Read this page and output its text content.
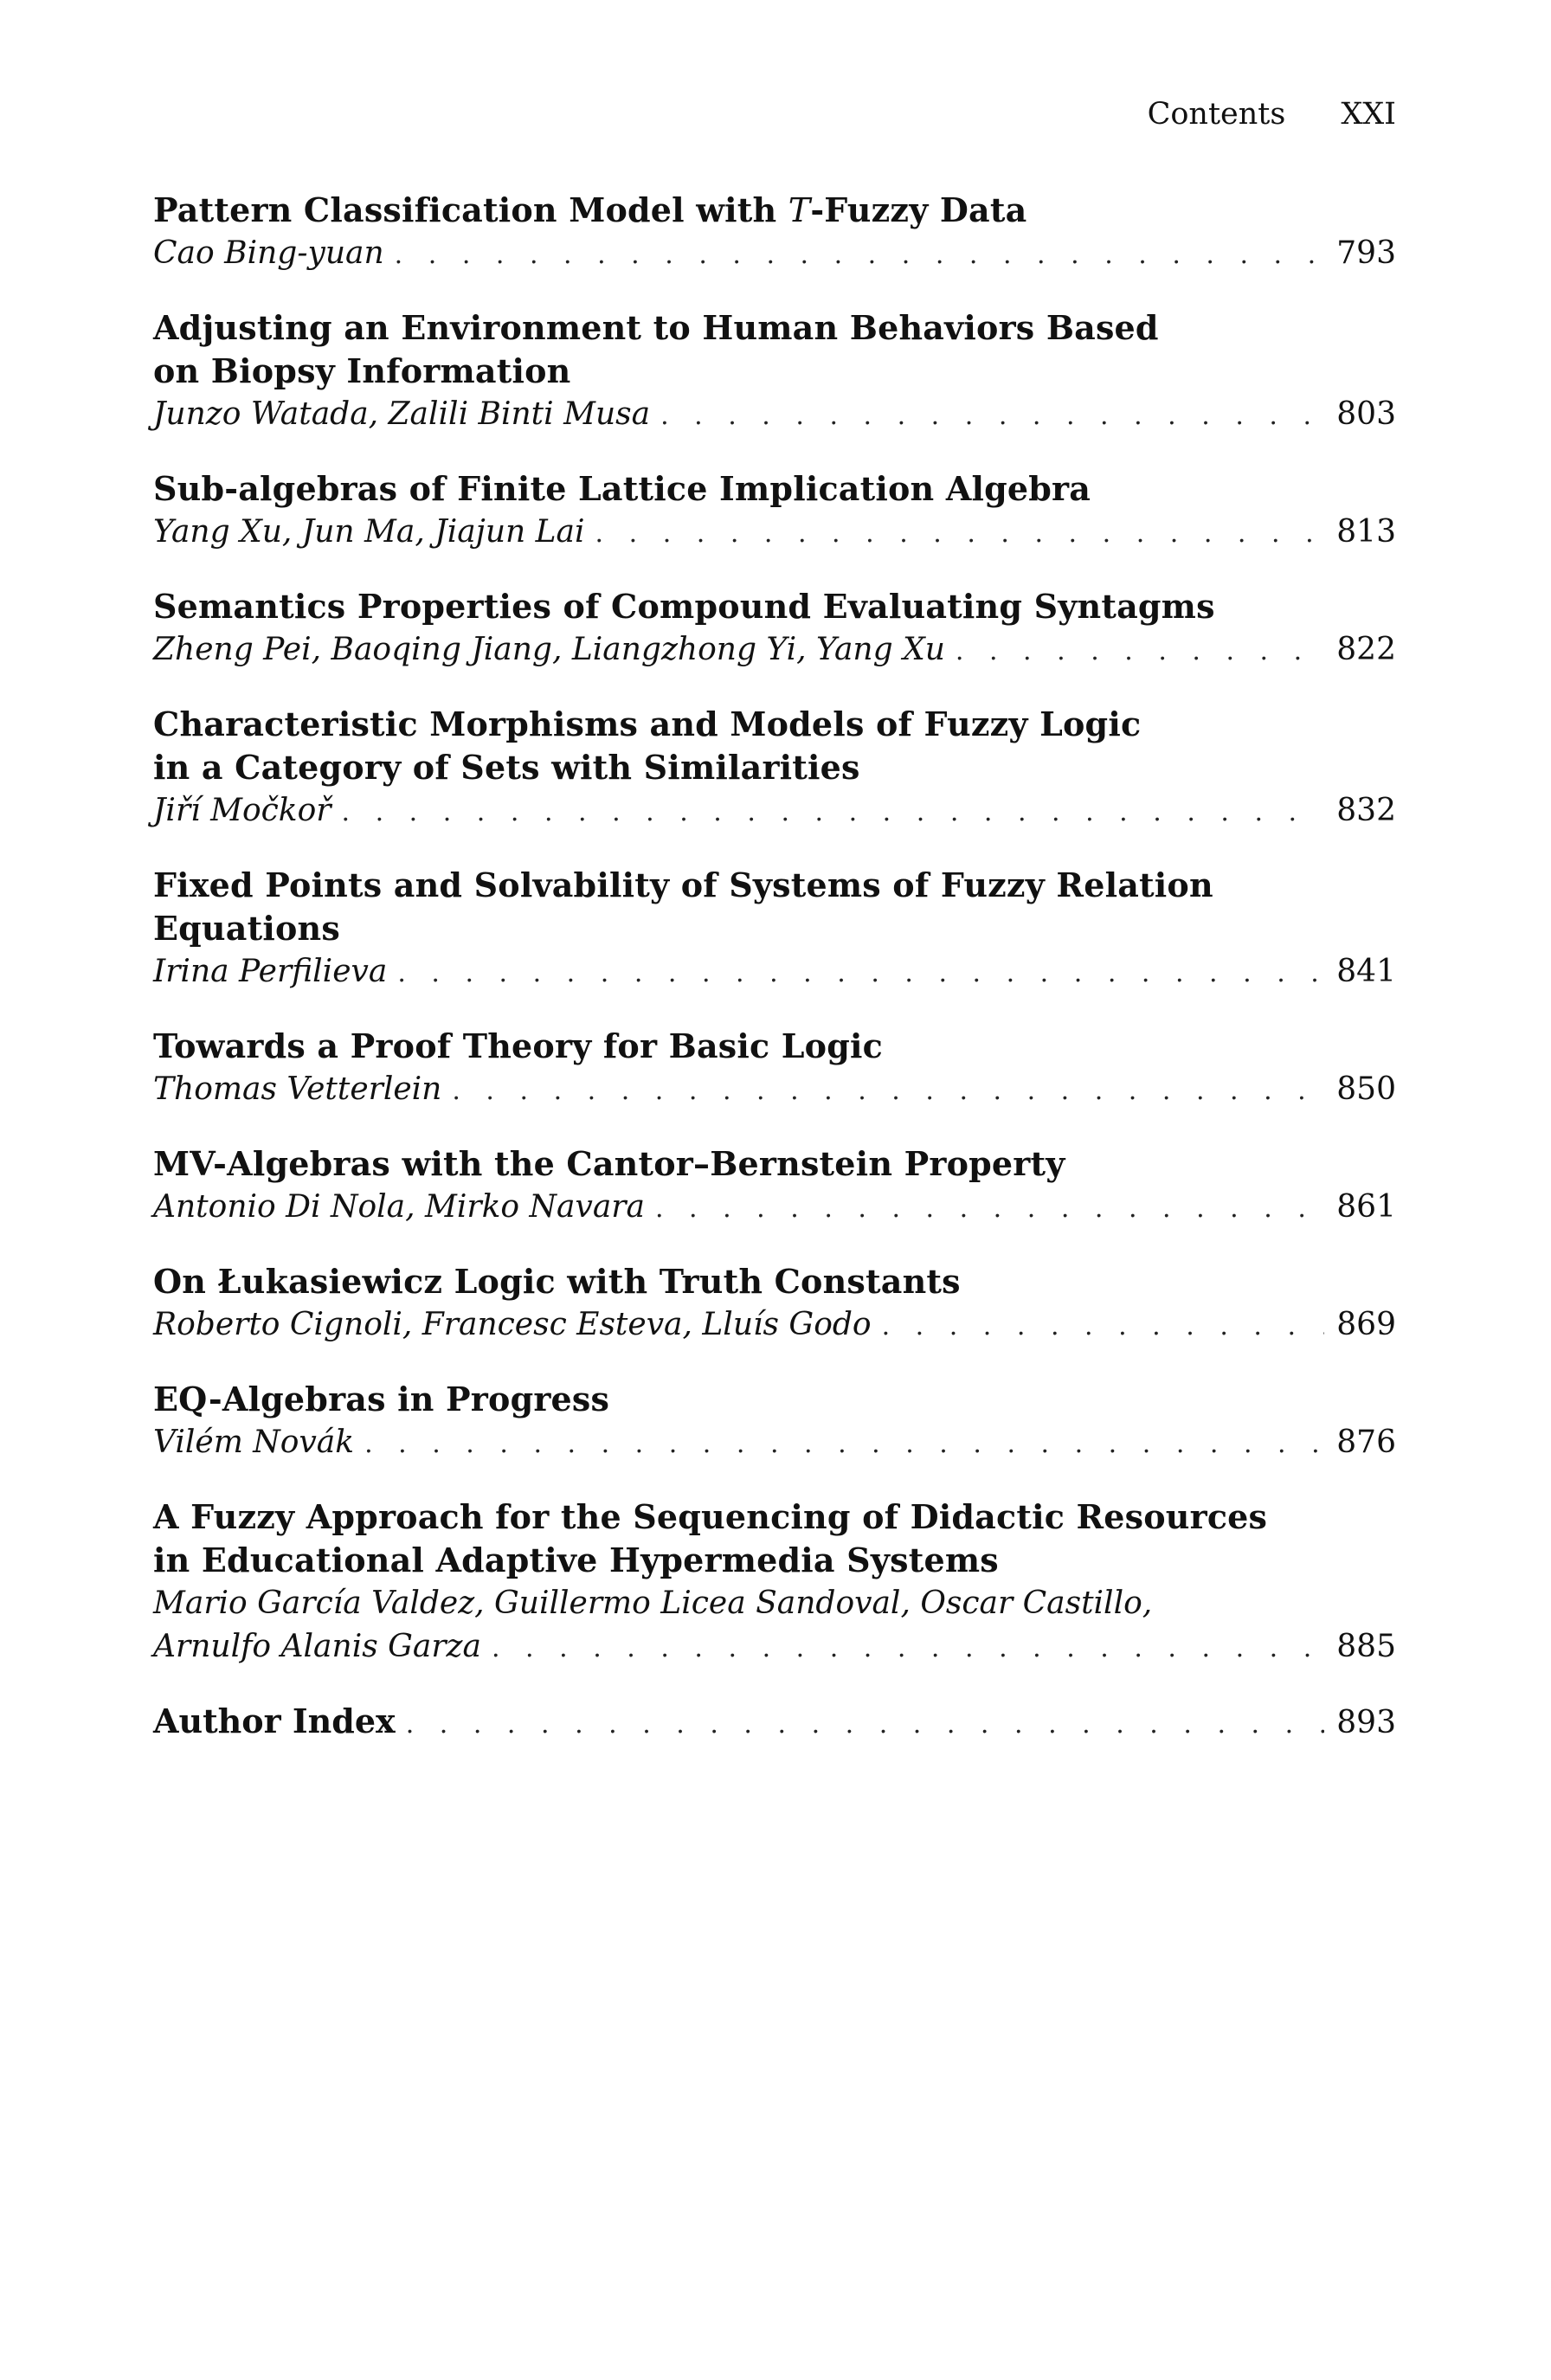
Contents XXI
Pattern Classification Model with T-Fuzzy Data
Cao Bing-yuan . . .	793
Adjusting an Environment to Human Behaviors Based
on Biopsy Information
Junzo Watada, Zalili Binti Musa . . .	803
Sub-algebras of Finite Lattice Implication Algebra
Yang Xu, Jun Ma, Jiajun Lai . . .	813
Semantics Properties of Compound Evaluating Syntagms
Zheng Pei, Baoqing Jiang, Liangzhong Yi, Yang Xu . . .	822
Characteristic Morphisms and Models of Fuzzy Logic
in a Category of Sets with Similarities
Jiří Močkoř . . .	832
Fixed Points and Solvability of Systems of Fuzzy Relation
Equations
Irina Perfilieva . . .	841
Towards a Proof Theory for Basic Logic
Thomas Vetterlein . . .	850
MV-Algebras with the Cantor–Bernstein Property
Antonio Di Nola, Mirko Navara . . .	861
On Łukasiewicz Logic with Truth Constants
Roberto Cignoli, Francesc Esteva, Lluís Godo . . .	869
EQ-Algebras in Progress
Vilém Novák . . .	876
A Fuzzy Approach for the Sequencing of Didactic Resources
in Educational Adaptive Hypermedia Systems
Mario García Valdez, Guillermo Licea Sandoval, Oscar Castillo,
Arnulfo Alanis Garza . . .	885
Author Index . . .	893
